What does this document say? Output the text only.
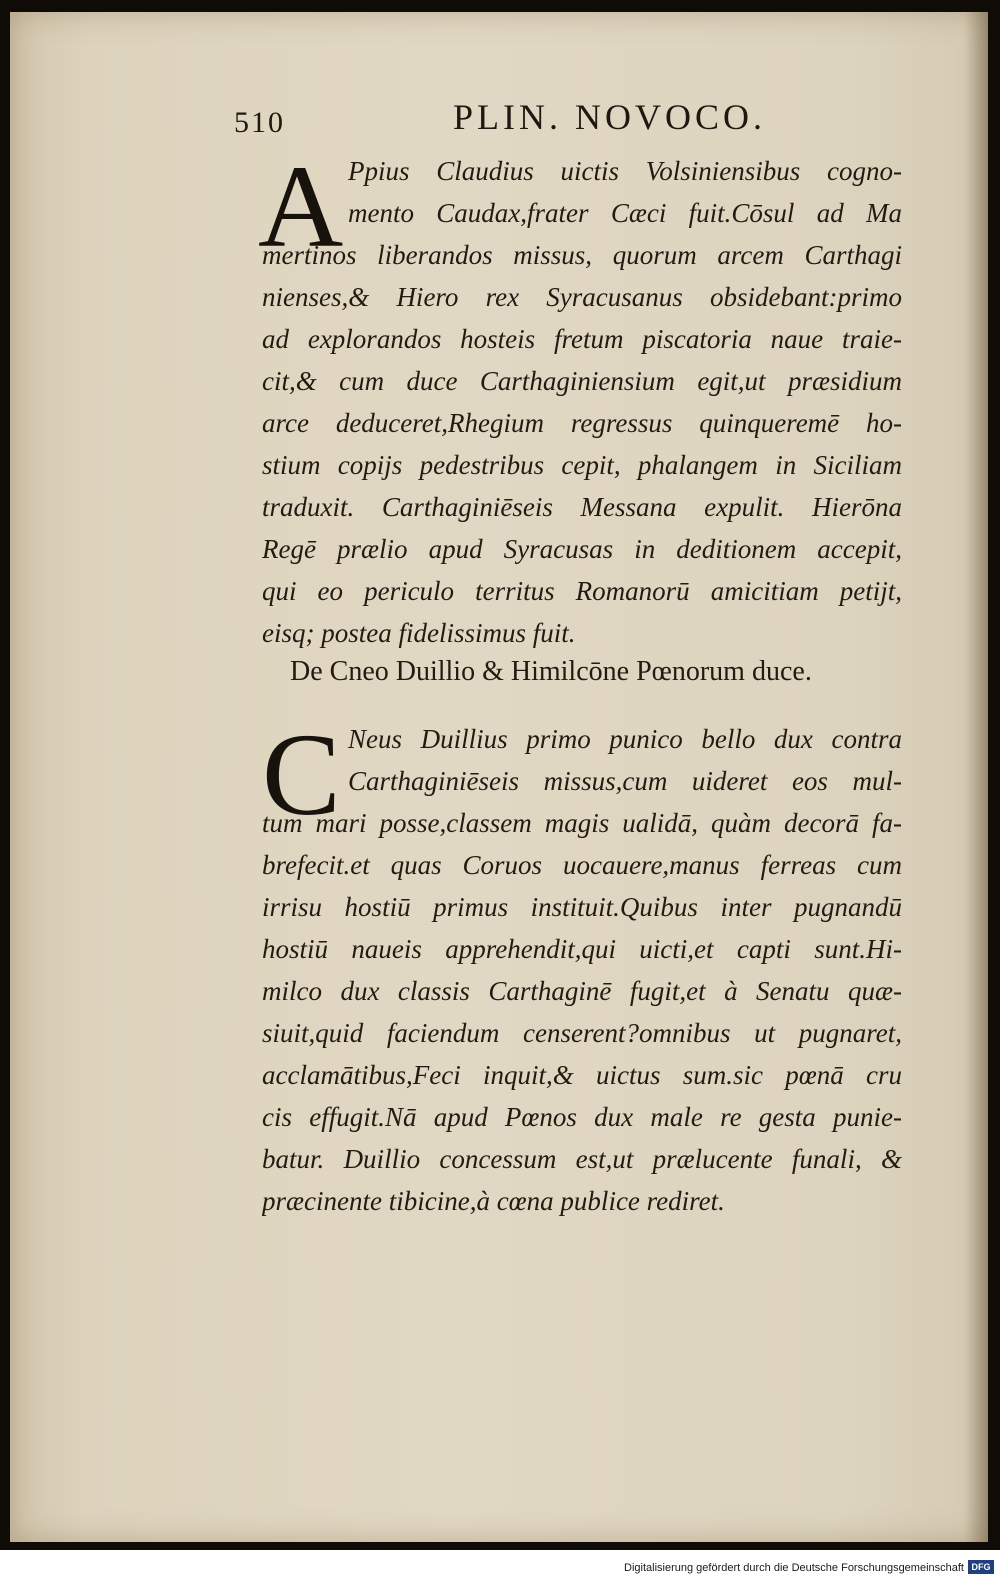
510	PLIN. NOVOCO.
A Ppius Claudius uictis Volsiniensibus cogno-
mento Caudax,frater Cæci fuit.Cōsul ad Ma
mertinos liberandos missus, quorum arcem Carthagi
nienses,& Hiero rex Syracusanus obsidebant:primo
ad explorandos hosteis fretum piscatoria naue traie-
cit,& cum duce Carthaginiensium egit,ut præsidium
arce deduceret,Rhegium regressus quinqueremē ho-
stium copijs pedestribus cepit, phalangem in Siciliam
traduxit. Carthaginiēseis Messana expulit. Hierōna
Regē prælio apud Syracusas in deditionem accepit,
qui eo periculo territus Romanorū amicitiam petijt,
eisq; postea fidelissimus fuit.
De Cneo Duillio & Himilcōne Pœnorum duce.
C Neus Duillius primo punico bello dux contra
Carthaginiēseis missus,cum uideret eos mul-
tum mari posse,classem magis ualidā, quàm decorā fa-
brefecit.et quas Coruos uocauere,manus ferreas cum
irrisu hostiū primus instituit.Quibus inter pugnandū
hostiū naueis apprehendit,qui uicti,et capti sunt.Hi-
milco dux classis Carthaginē fugit,et à Senatu quæ-
siuit,quid faciendum censerent?omnibus ut pugnaret,
acclamātibus,Feci inquit,& uictus sum.sic pœnā cru
cis effugit.Nā apud Pœnos dux male re gesta punie-
batur. Duillio concessum est,ut prælucente funali, &
præcinente tibicine,à cœna publice rediret.
Digitalisierung gefördert durch die Deutsche Forschungsgemeinschaft DFG
